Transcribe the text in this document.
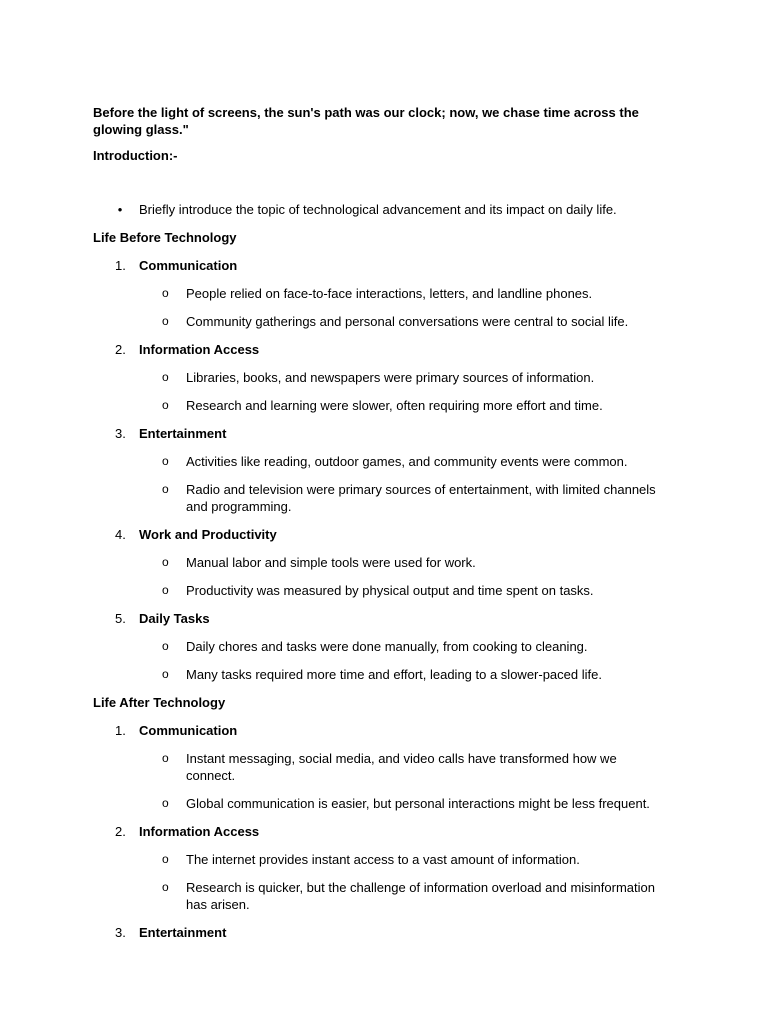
Before the light of screens, the sun's path was our clock; now, we chase time across the glowing glass."

Introduction:-

• Briefly introduce the topic of technological advancement and its impact on daily life.
Life Before Technology
1. Communication
o People relied on face-to-face interactions, letters, and landline phones.
o Community gatherings and personal conversations were central to social life.
2. Information Access
o Libraries, books, and newspapers were primary sources of information.
o Research and learning were slower, often requiring more effort and time.
3. Entertainment
o Activities like reading, outdoor games, and community events were common.
o Radio and television were primary sources of entertainment, with limited channels and programming.
4. Work and Productivity
o Manual labor and simple tools were used for work.
o Productivity was measured by physical output and time spent on tasks.
5. Daily Tasks
o Daily chores and tasks were done manually, from cooking to cleaning.
o Many tasks required more time and effort, leading to a slower-paced life.
Life After Technology
1. Communication
o Instant messaging, social media, and video calls have transformed how we connect.
o Global communication is easier, but personal interactions might be less frequent.
2. Information Access
o The internet provides instant access to a vast amount of information.
o Research is quicker, but the challenge of information overload and misinformation has arisen.
3. Entertainment
